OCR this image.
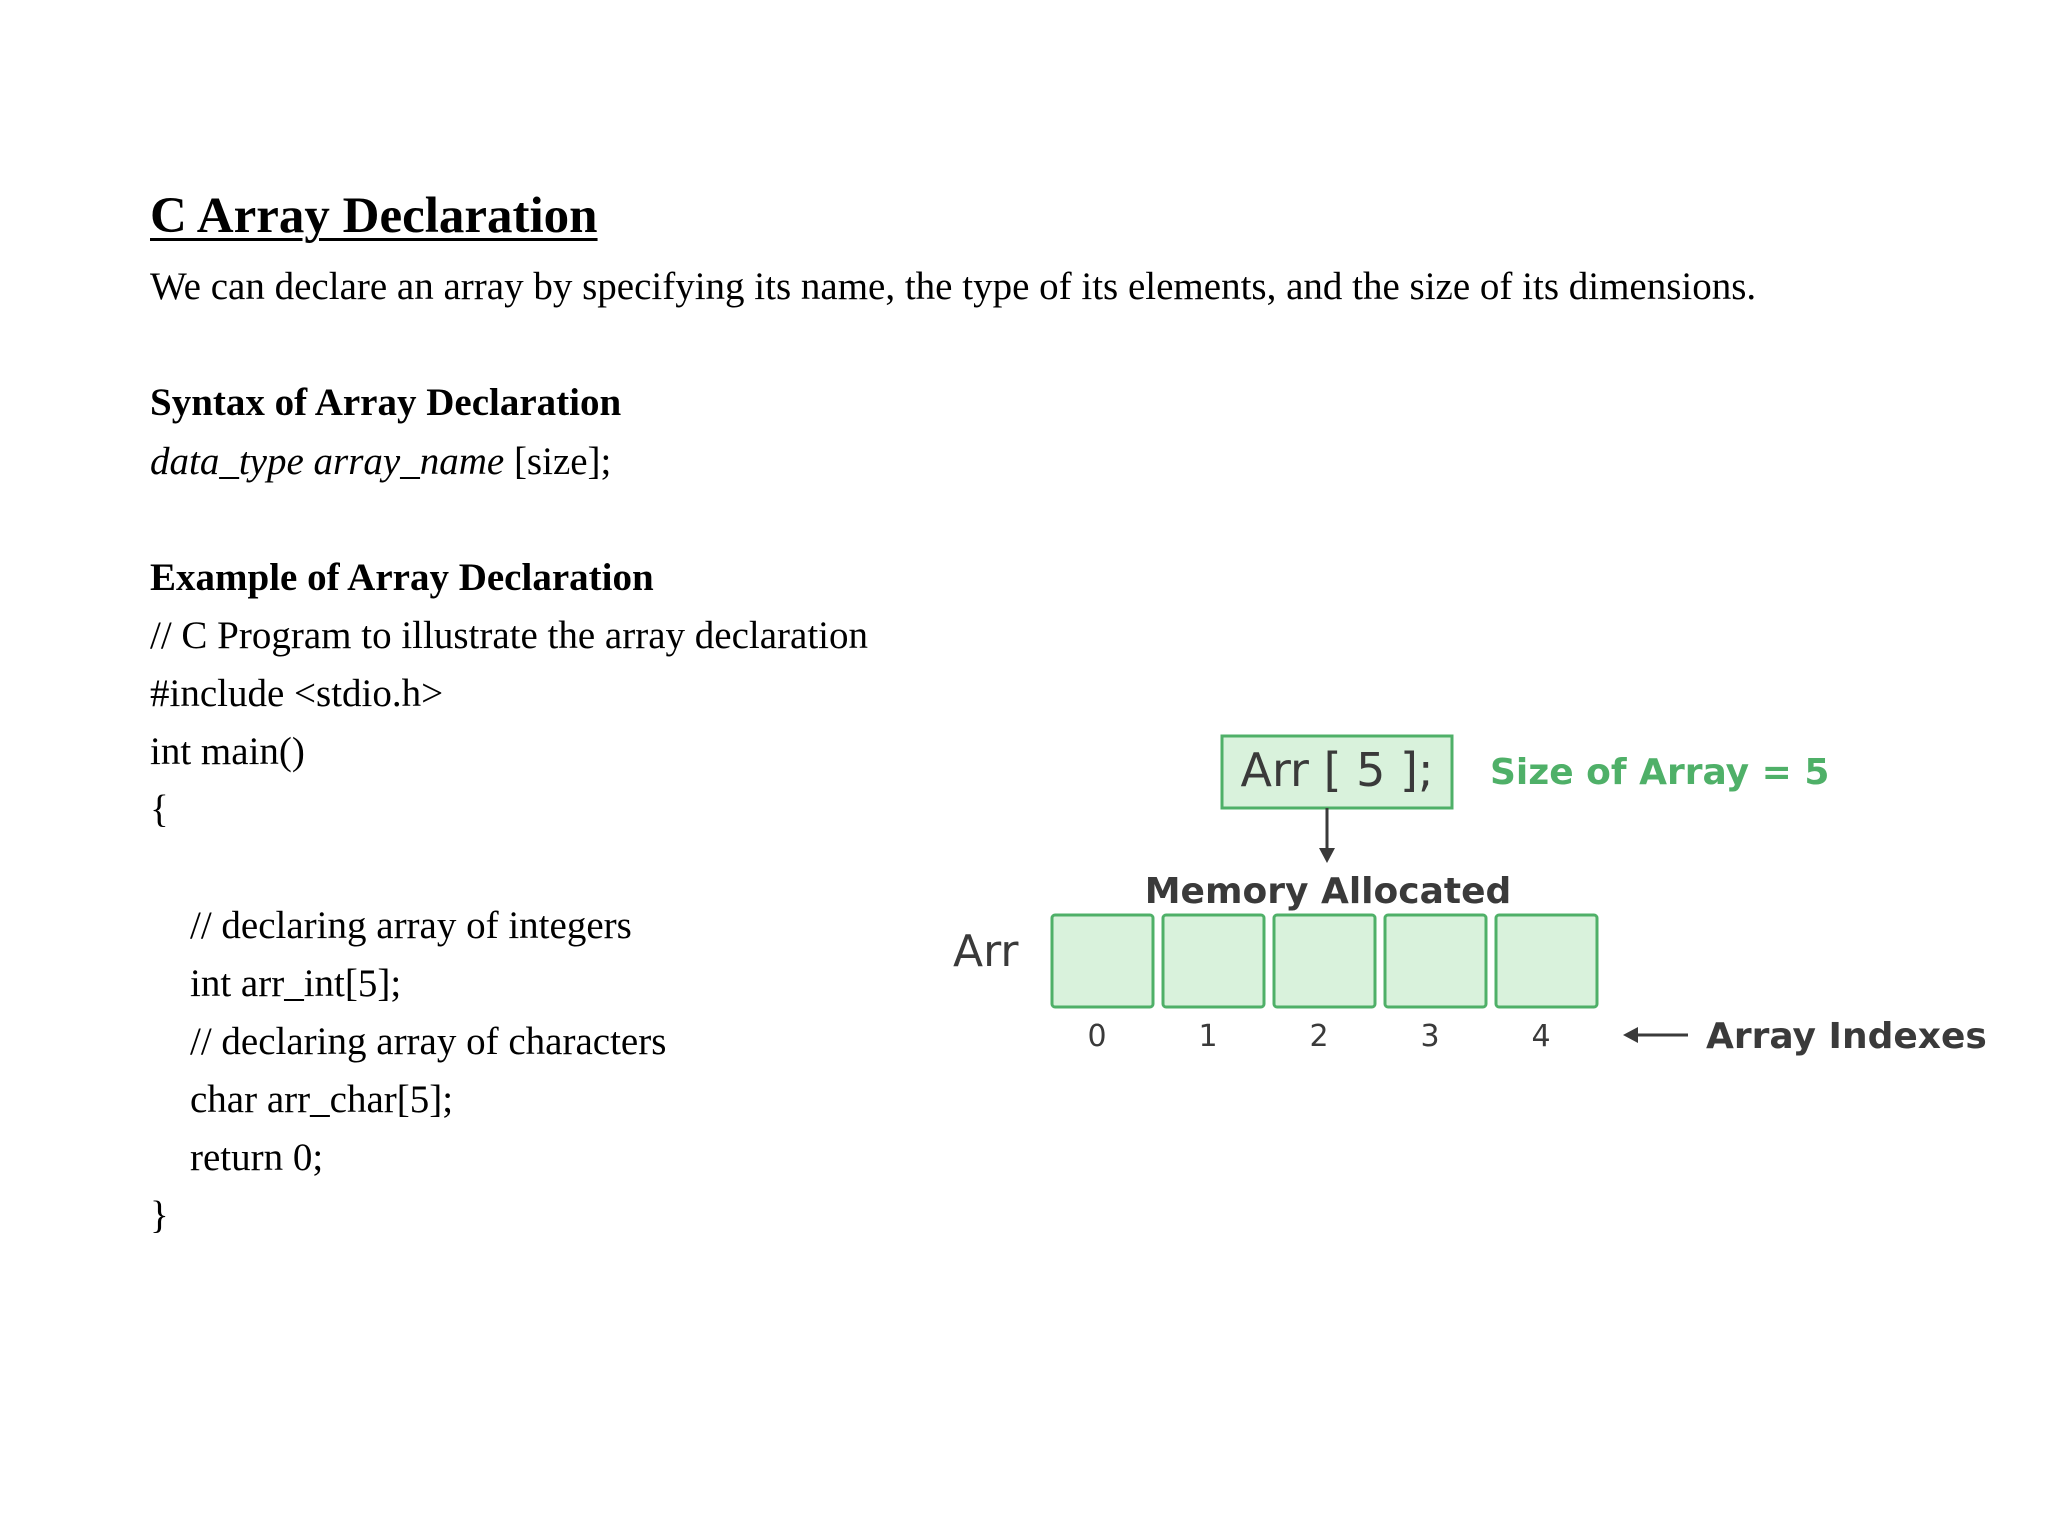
C Array Declaration
We can declare an array by specifying its name, the type of its elements, and the size of its dimensions.
Syntax of Array Declaration
data_type array_name [size];
Example of Array Declaration
// C Program to illustrate the array declaration
#include <stdio.h>
int main()
{
// declaring array of integers
int arr_int[5];
// declaring array of characters
char arr_char[5];
return 0;
}
Arr [ 5 ]; Size of Array = 5
Memory Allocated
Arr
0	1	2	3	4	Array Indexes
